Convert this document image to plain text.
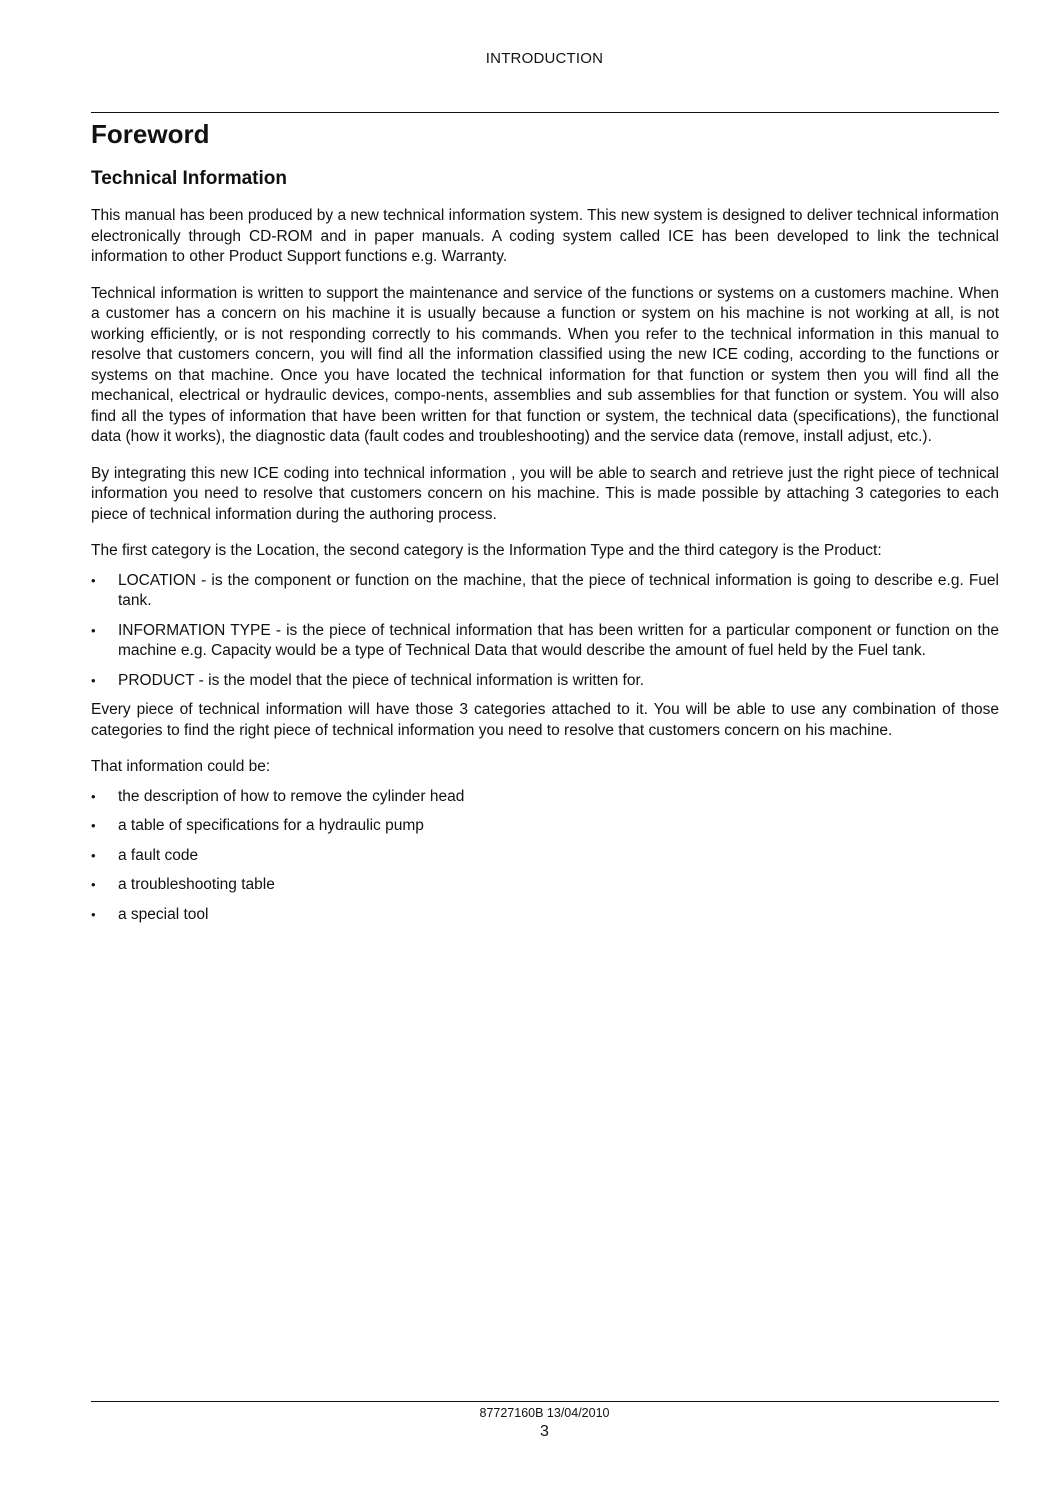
INTRODUCTION
Foreword
Technical Information

This manual has been produced by a new technical information system. This new system is designed to deliver technical information electronically through CD-ROM and in paper manuals. A coding system called ICE has been developed to link the technical information to other Product Support functions e.g. Warranty.

Technical information is written to support the maintenance and service of the functions or systems on a customers machine. When a customer has a concern on his machine it is usually because a function or system on his machine is not working at all, is not working efficiently, or is not responding correctly to his commands. When you refer to the technical information in this manual to resolve that customers concern, you will find all the information classified using the new ICE coding, according to the functions or systems on that machine. Once you have located the technical information for that function or system then you will find all the mechanical, electrical or hydraulic devices, compo-nents, assemblies and sub assemblies for that function or system. You will also find all the types of information that have been written for that function or system, the technical data (specifications), the functional data (how it works), the diagnostic data (fault codes and troubleshooting) and the service data (remove, install adjust, etc.).

By integrating this new ICE coding into technical information , you will be able to search and retrieve just the right piece of technical information you need to resolve that customers concern on his machine. This is made possible by attaching 3 categories to each piece of technical information during the authoring process.

The first category is the Location, the second category is the Information Type and the third category is the Product:

•	LOCATION - is the component or function on the machine, that the piece of technical information is going to describe e.g. Fuel tank.
•	INFORMATION TYPE - is the piece of technical information that has been written for a particular component or function on the machine e.g. Capacity would be a type of Technical Data that would describe the amount of fuel held by the Fuel tank.
•	PRODUCT - is the model that the piece of technical information is written for.

Every piece of technical information will have those 3 categories attached to it. You will be able to use any combination of those categories to find the right piece of technical information you need to resolve that customers concern on his machine.

That information could be:

•	the description of how to remove the cylinder head
•	a table of specifications for a hydraulic pump
•	a fault code
•	a troubleshooting table
•	a special tool
87727160B 13/04/2010
3
